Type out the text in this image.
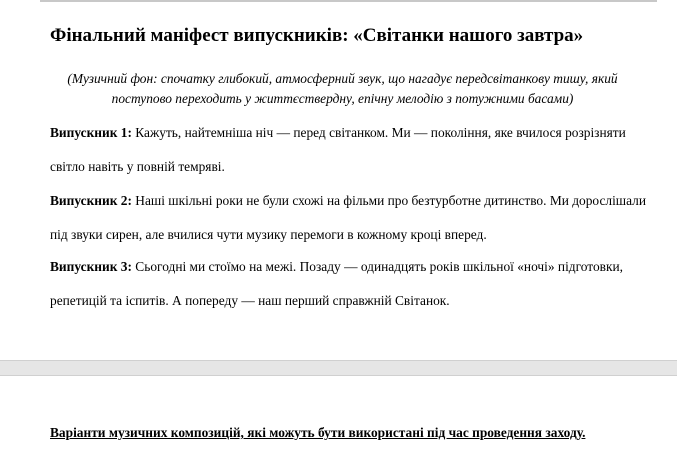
Фінальний маніфест випускників: «Світанки нашого завтра»

(Музичний фон: спочатку глибокий, атмосферний звук, що нагадує передсвітанкову тишу, який поступово переходить у життєствердну, епічну мелодію з потужними басами)

Випускник 1: Кажуть, найтемніша ніч — перед світанком. Ми — покоління, яке вчилося розрізняти світло навіть у повній темряві.

Випускник 2: Наші шкільні роки не були схожі на фільми про безтурботне дитинство. Ми дорослішали під звуки сирен, але вчилися чути музику перемоги в кожному кроці вперед.

Випускник 3: Сьогодні ми стоїмо на межі. Позаду — одинадцять років шкільної «ночі» підготовки, репетицій та іспитів. А попереду — наш перший справжній Світанок.

Варіанти музичних композицій, які можуть бути використані під час проведення заходу.
